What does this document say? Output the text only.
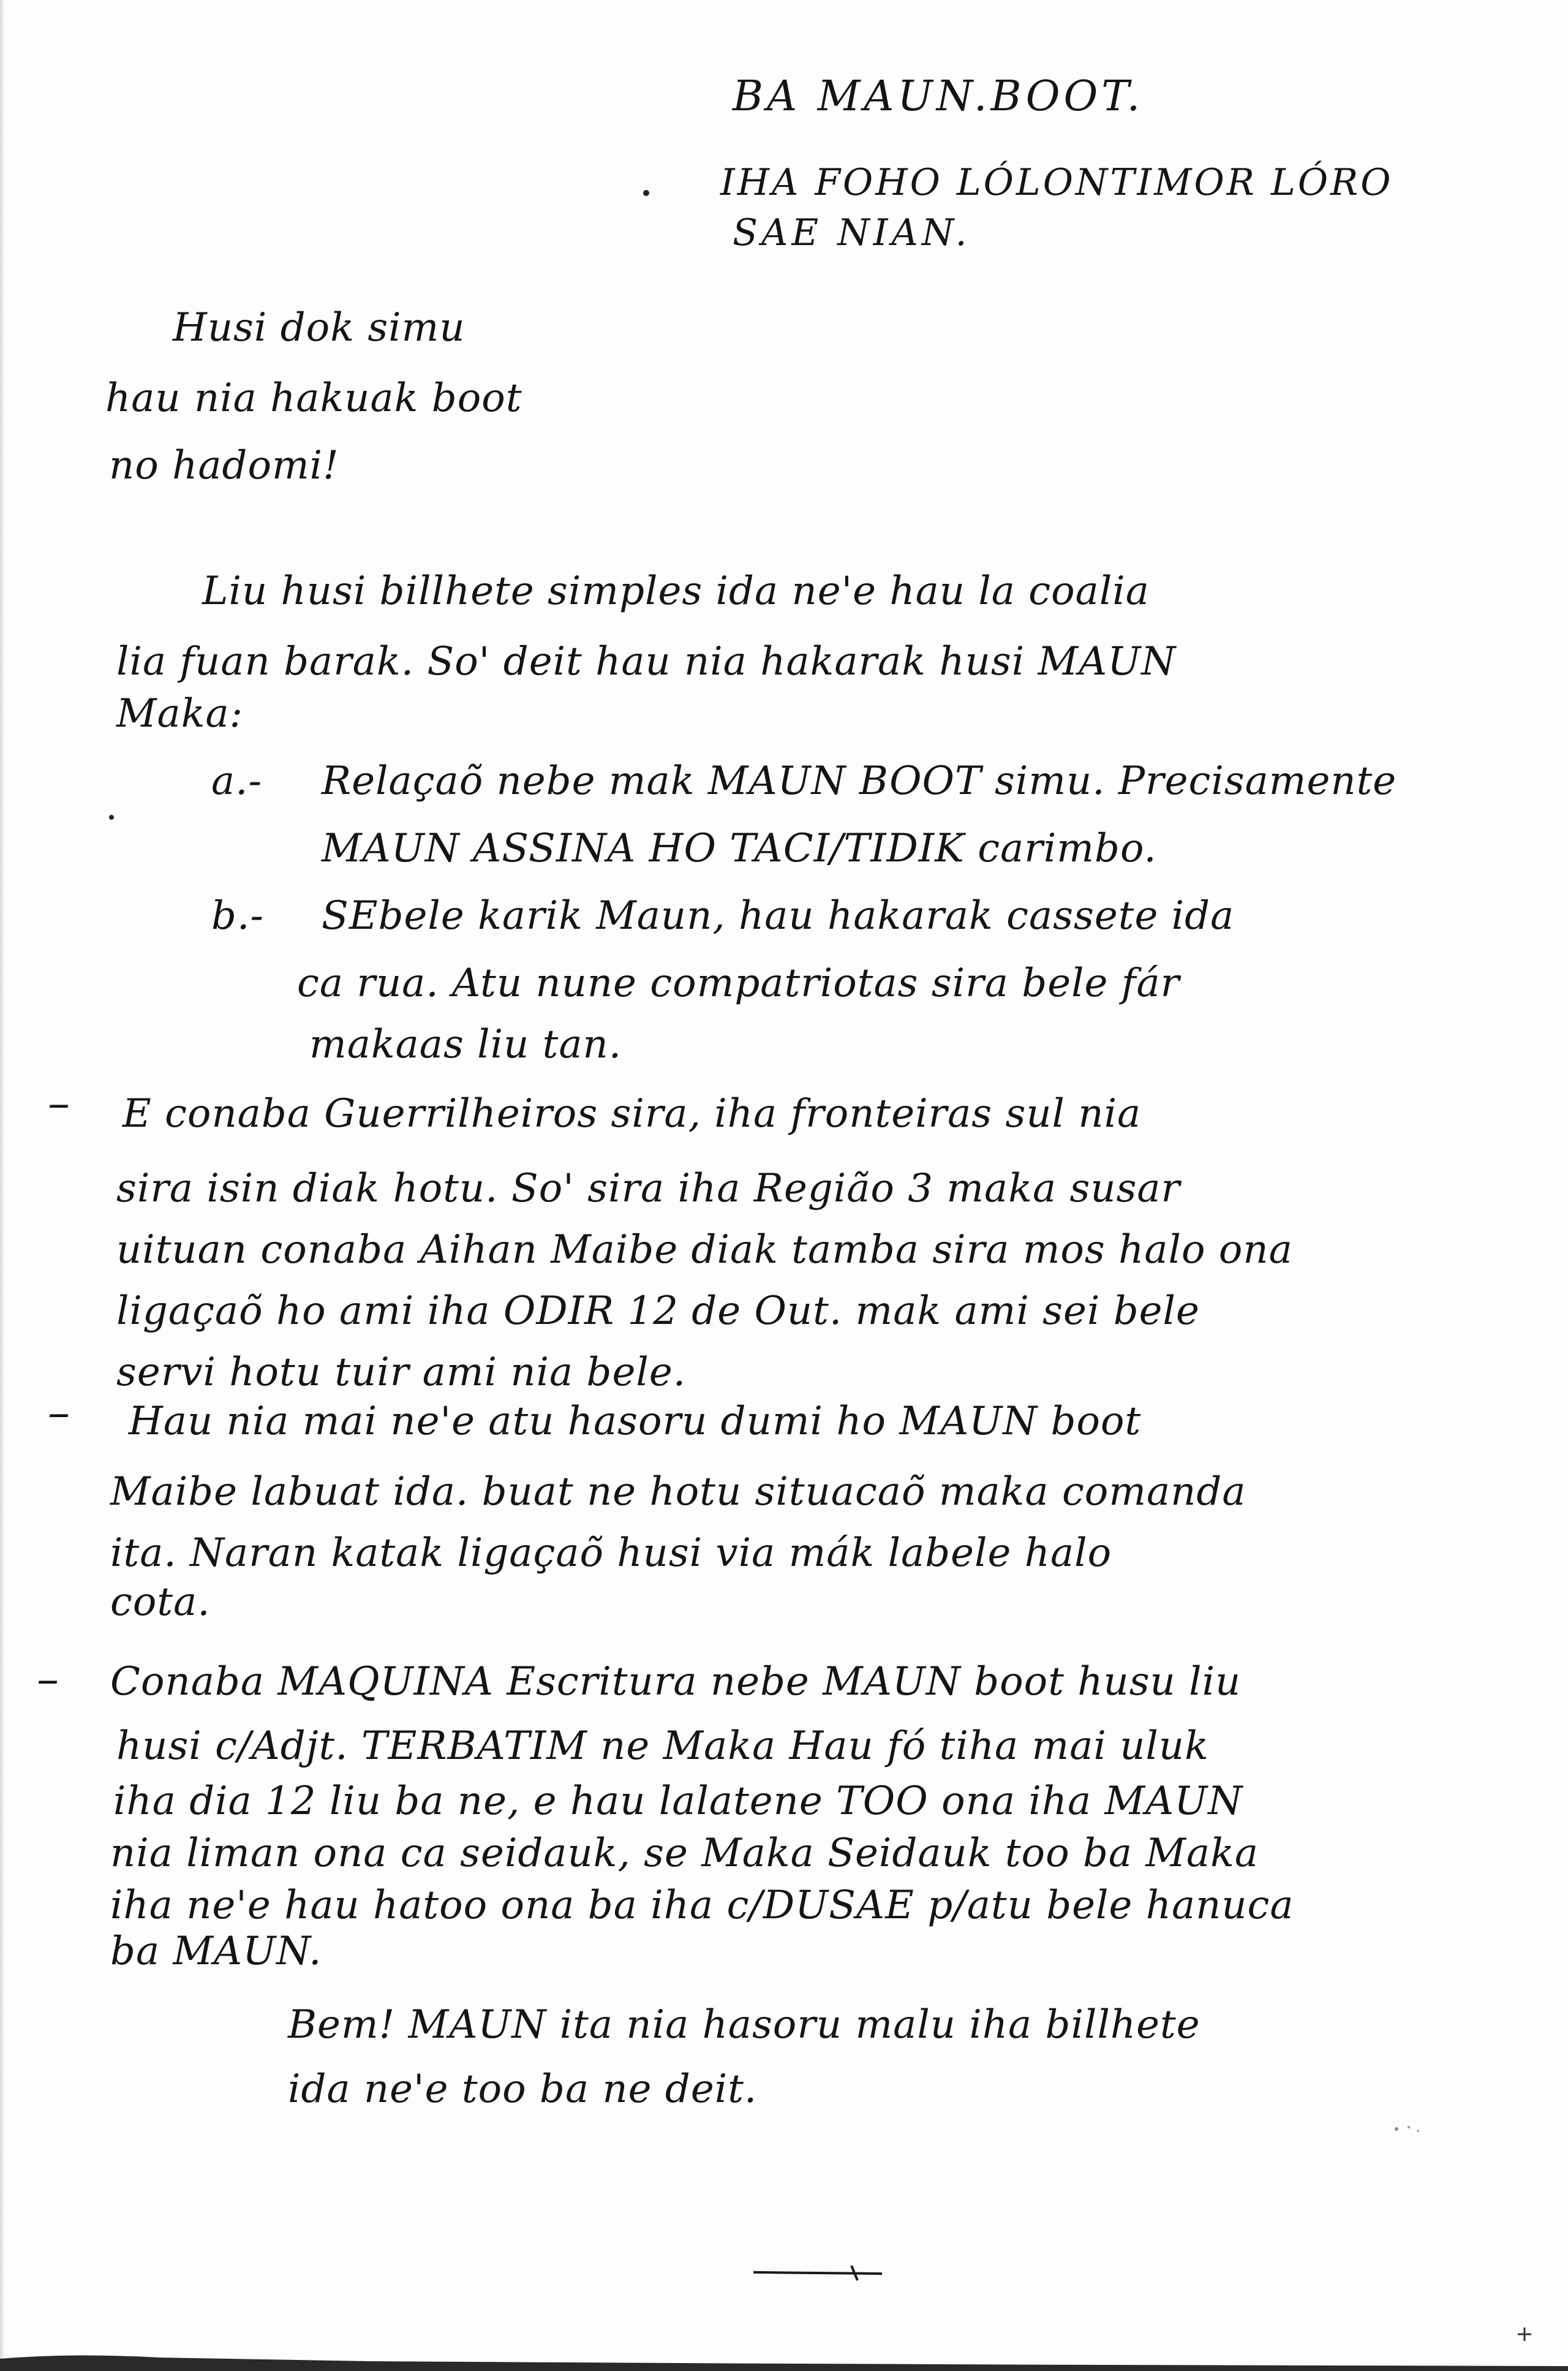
BA MAUN.BOOT.
IHA FOHO LÓLONTIMOR LÓRO
SAE NIAN.
Husi dok simu
hau nia hakuak boot
no hadomi!
Liu husi billhete simples ida ne'e hau la coalia
lia fuan barak. So' deit hau nia hakarak husi MAUN
Maka:
a.- Relaçaõ nebe mak MAUN BOOT simu. Precisamente
MAUN ASSINA HO TACI/TIDIK carimbo.
b.- SEbele karik Maun, hau hakarak cassete ida
ca rua. Atu nune compatriotas sira bele fár
makaas liu tan.
– E conaba Guerrilheiros sira, iha fronteiras sul nia
sira isin diak hotu. So' sira iha Região 3 maka susar
uituan conaba Aihan Maibe diak tamba sira mos halo ona
ligaçaõ ho ami iha ODIR 12 de Out. mak ami sei bele
servi hotu tuir ami nia bele.
– Hau nia mai ne'e atu hasoru dumi ho MAUN boot
Maibe labuat ida. buat ne hotu situacaõ maka comanda
ita. Naran katak ligaçaõ husi via mák labele halo
cota.
– Conaba MAQUINA Escritura nebe MAUN boot husu liu
husi c/Adjt. TERBATIM ne Maka Hau fó tiha mai uluk
iha dia 12 liu ba ne, e hau lalatene TOO ona iha MAUN
nia liman ona ca seidauk, se Maka Seidauk too ba Maka
iha ne'e hau hatoo ona ba iha c/DUSAE p/atu bele hanuca
ba MAUN.
Bem! MAUN ita nia hasoru malu iha billhete
ida ne'e too ba ne deit.
